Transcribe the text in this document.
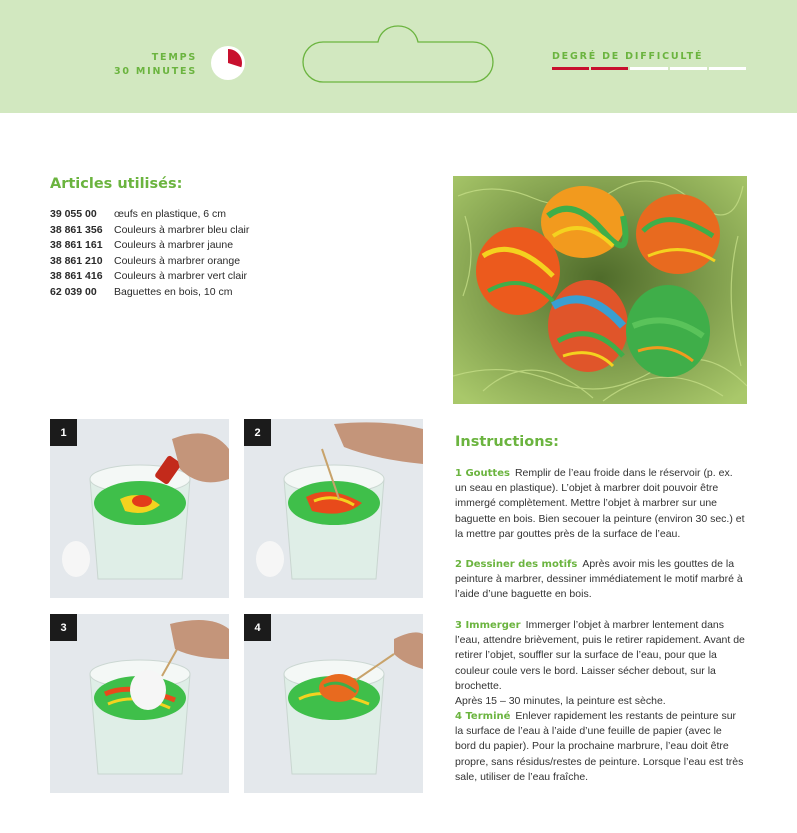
TEMPS
30 MINUTES
DEGRÉ DE DIFFICULTÉ
Articles utilisés:
39 055 00	œufs en plastique, 6 cm
38 861 356	Couleurs à marbrer bleu clair
38 861 161	Couleurs à marbrer jaune
38 861 210	Couleurs à marbrer orange
38 861 416	Couleurs à marbrer vert clair
62 039 00	Baguettes en bois, 10 cm
1	2
3	4
Instructions:
1 Gouttes Remplir de l’eau froide dans le réservoir (p. ex. un seau en plastique). L’objet à marbrer doit pouvoir être immergé complètement. Mettre l’objet à marbrer sur une baguette en bois. Bien secouer la peinture (environ 30 sec.) et la mettre par gouttes près de la surface de l’eau.
2 Dessiner des motifs Après avoir mis les gouttes de la peinture à marbrer, dessiner immédiatement le motif marbré à l’aide d’une baguette en bois.
3 Immerger Immerger l’objet à marbrer lentement dans l’eau, attendre brièvement, puis le retirer rapidement. Avant de retirer l’objet, souffler sur la surface de l’eau, pour que la couleur coule vers le bord. Laisser sécher debout, sur la brochette.
Après 15 – 30 minutes, la peinture est sèche.
4 Terminé Enlever rapidement les restants de peinture sur la surface de l’eau à l’aide d’une feuille de papier (avec le bord du papier). Pour la prochaine marbrure, l’eau doit être propre, sans résidus/restes de peinture. Lorsque l’eau est très sale, utiliser de l’eau fraîche.
